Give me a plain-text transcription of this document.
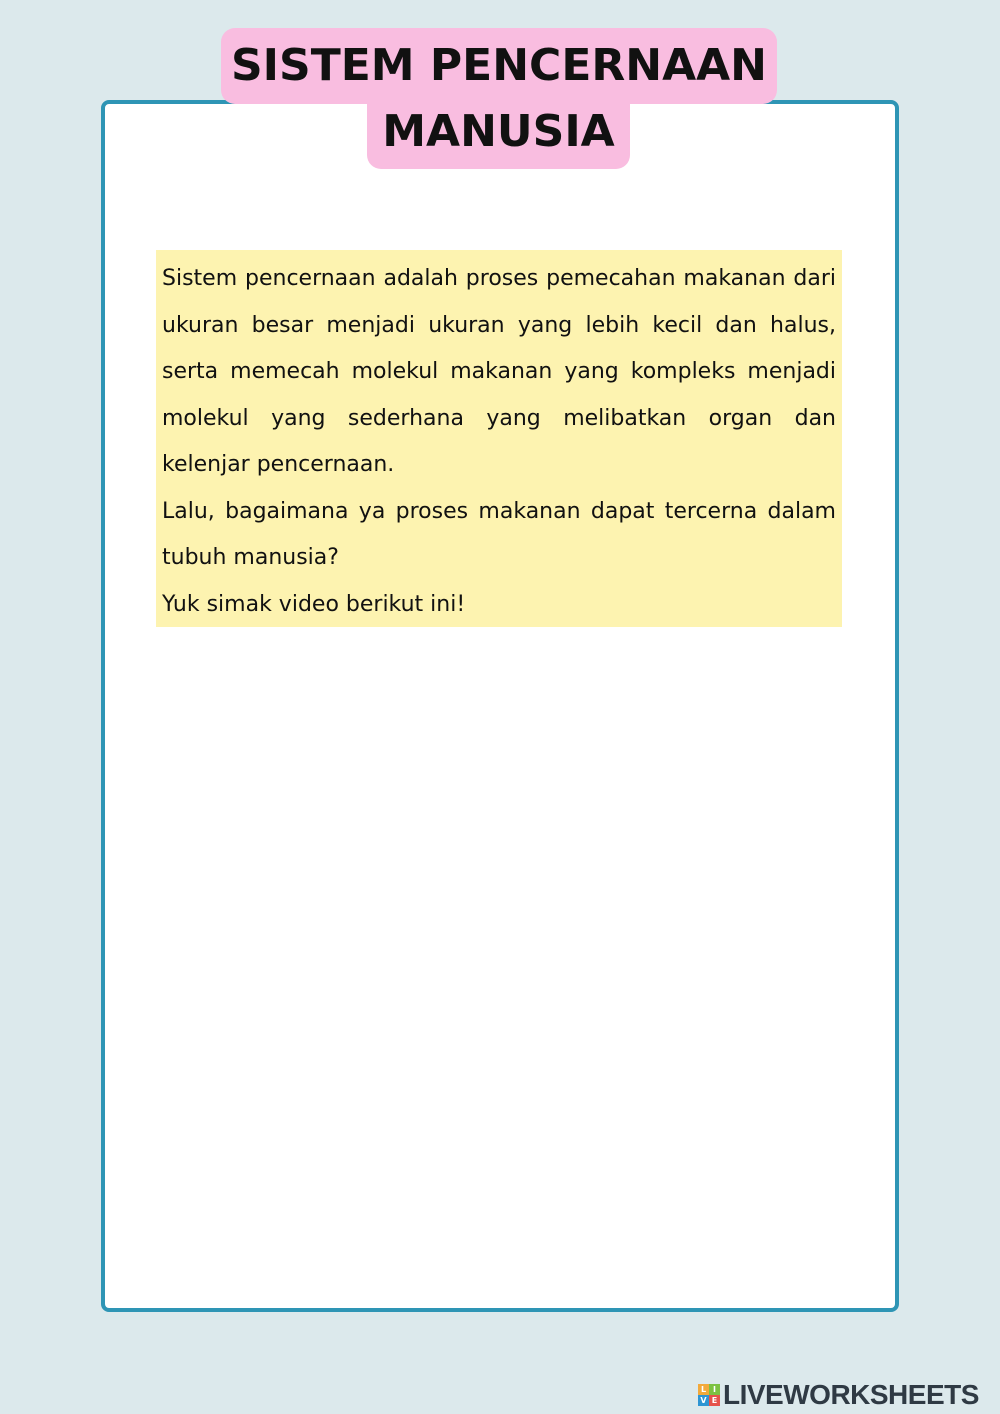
SISTEM PENCERNAAN
MANUSIA

Sistem pencernaan adalah proses pemecahan makanan dari ukuran besar menjadi ukuran yang lebih kecil dan halus, serta memecah molekul makanan yang kompleks menjadi molekul yang sederhana yang melibatkan organ dan kelenjar pencernaan.

Lalu, bagaimana ya proses makanan dapat tercerna dalam tubuh manusia?

Yuk simak video berikut ini!

L I
V E LIVEWORKSHEETS
